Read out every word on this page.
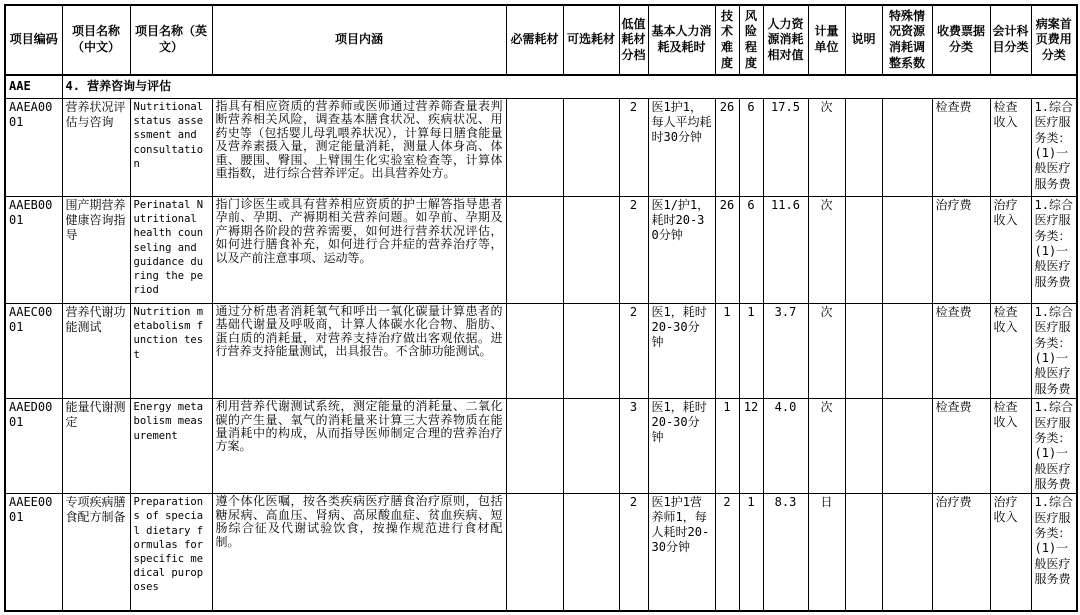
项目编码	项目名称（中文）	项目名称（英文）	项目内涵	必需耗材	可选耗材	低值耗材分档	基本人力消耗及耗时	技术难度	风险程度	人力资源消耗相对值	计量单位	说明	特殊情况资源消耗调整系数	收费票据分类	会计科目分类	病案首页费用分类
AAE	4. 营养咨询与评估															
AAEA0001	营养状况评估与咨询	Nutritional status assessment and consultation	指具有相应资质的营养师或医师通过营养筛查量表判断营养相关风险，调查基本膳食状况、疾病状况、用药史等（包括婴儿母乳喂养状况），计算每日膳食能量及营养素摄入量，测定能量消耗，测量人体身高、体重、腰围、臀围、上臂围生化实验室检查等，计算体重指数，进行综合营养评定。出具营养处方。			2	医1护1，每人平均耗时30分钟	26	6	17.5	次			检查费	检查收入	1.综合医疗服务类：(1)一般医疗服务费
AAEB0001	围产期营养健康咨询指导	Perinatal Nutritional health counseling and guidance during the period	指门诊医生或具有营养相应资质的护士解答指导患者孕前、孕期、产褥期相关营养问题。如孕前、孕期及产褥期各阶段的营养需要，如何进行营养状况评估，如何进行膳食补充，如何进行合并症的营养治疗等，以及产前注意事项、运动等。			2	医1/护1，耗时20-30分钟	26	6	11.6	次			治疗费	治疗收入	1.综合医疗服务类：(1)一般医疗服务费
AAEC0001	营养代谢功能测试	Nutrition metabolism function test	通过分析患者消耗氧气和呼出一氧化碳量计算患者的基础代谢量及呼吸商，计算人体碳水化合物、脂肪、蛋白质的消耗量，对营养支持治疗做出客观依据。进行营养支持能量测试，出具报告。不含肺功能测试。			2	医1，耗时20-30分钟	1	1	3.7	次			检查费	检查收入	1.综合医疗服务类：(1)一般医疗服务费
AAED0001	能量代谢测定	Energy metabolism measurement	利用营养代谢测试系统，测定能量的消耗量、二氧化碳的产生量、氧气的消耗量来计算三大营养物质在能量消耗中的构成，从而指导医师制定合理的营养治疗方案。			3	医1，耗时20-30分钟	1	12	4.0	次			检查费	检查收入	1.综合医疗服务类：(1)一般医疗服务费
AAEE0001	专项疾病膳食配方制备	Preparations of special dietary formulas for specific medical puroposes	遵个体化医嘱，按各类疾病医疗膳食治疗原则，包括糖尿病、高血压、肾病、高尿酸血症、贫血疾病、短肠综合征及代谢试验饮食，按操作规范进行食材配制。			2	医1护1营养师1，每人耗时20-30分钟	2	1	8.3	日			治疗费	治疗收入	1.综合医疗服务类：(1)一般医疗服务费
